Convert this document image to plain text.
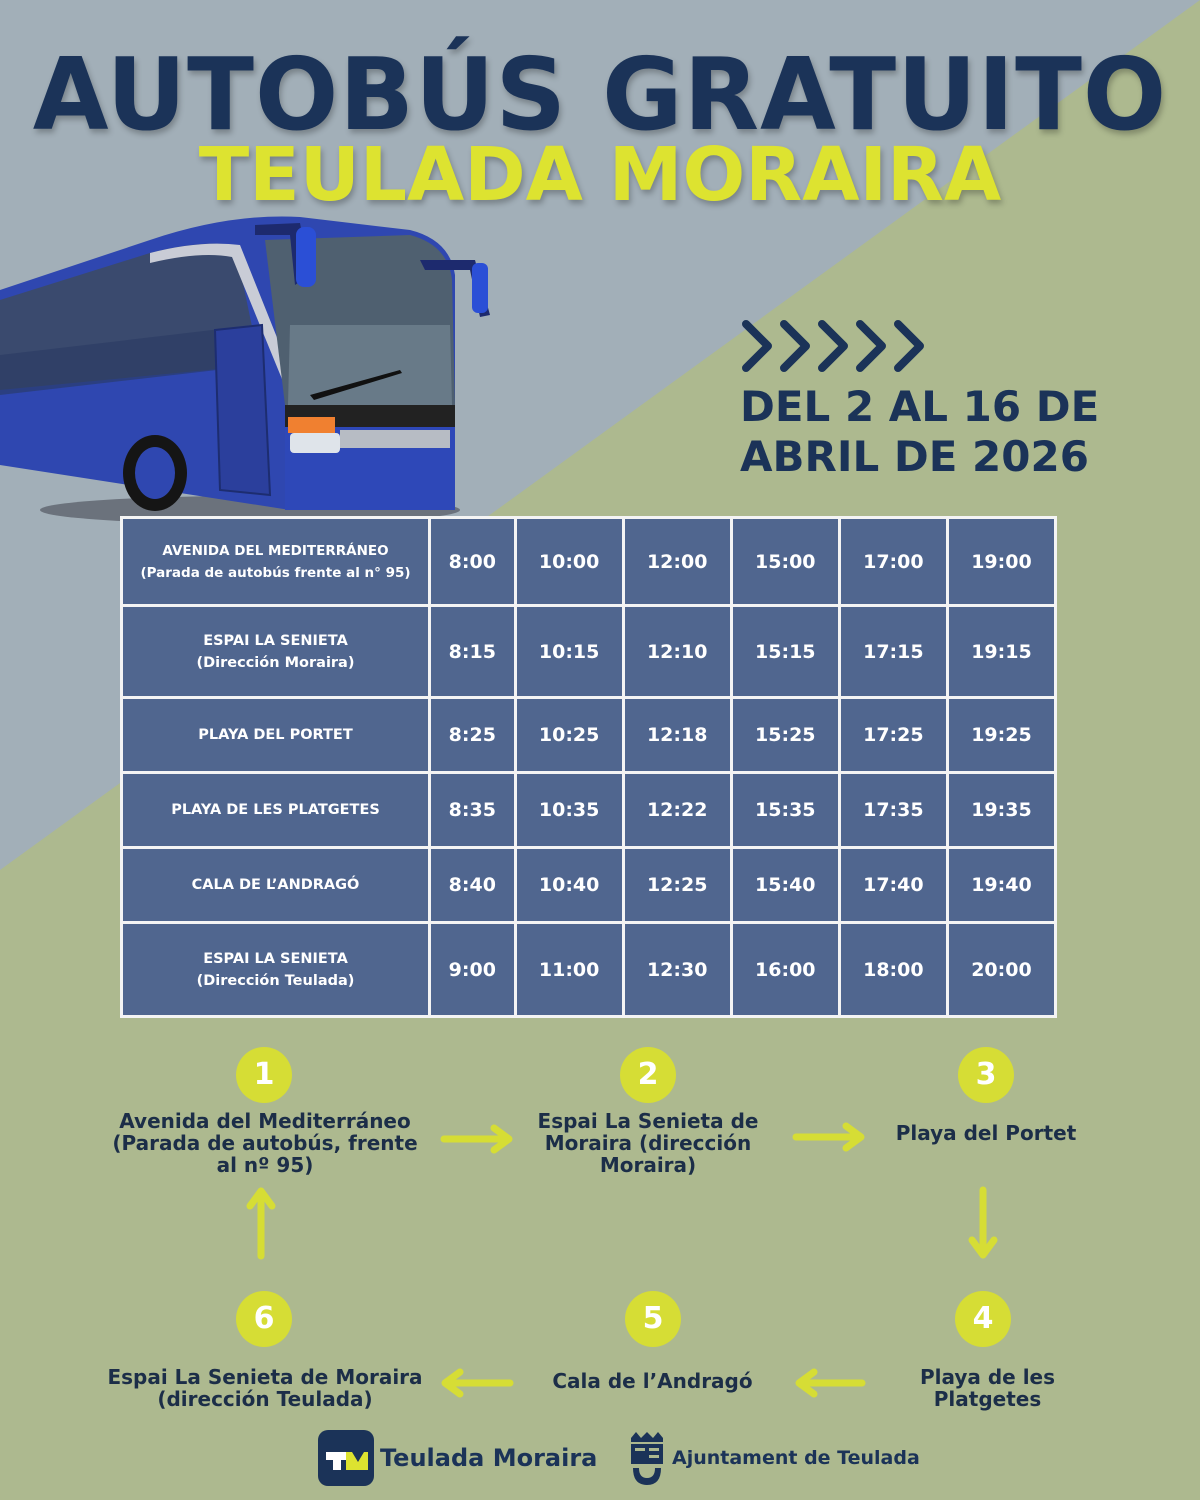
AUTOBÚS GRATUITO
TEULADA MORAIRA
DEL 2 AL 16 DE
ABRIL DE 2026
AVENIDA DEL MEDITERRÁNEO
(Parada de autobús frente al n° 95)	8:00	10:00	12:00	15:00	17:00	19:00

ESPAI LA SENIETA
(Dirección Moraira)	8:15	10:15	12:10	15:15	17:15	19:15
PLAYA DEL PORTET	8:25	10:25	12:18	15:25	17:25	19:25
PLAYA DE LES PLATGETES	8:35	10:35	12:22	15:35	17:35	19:35
CALA DE L’ANDRAGÓ	8:40	10:40	12:25	15:40	17:40	19:40

ESPAI LA SENIETA
(Dirección Teulada)	9:00	11:00	12:30	16:00	18:00	20:00
1
Avenida del Mediterráneo (Parada de autobús, frente al nº 95)
2
Espai La Senieta de Moraira (dirección Moraira)
3
Playa del Portet
4
Playa de les Platgetes
5
Cala de l’Andragó
6
Espai La Senieta de Moraira (dirección Teulada)
Teulada Moraira	Ajuntament de Teulada
